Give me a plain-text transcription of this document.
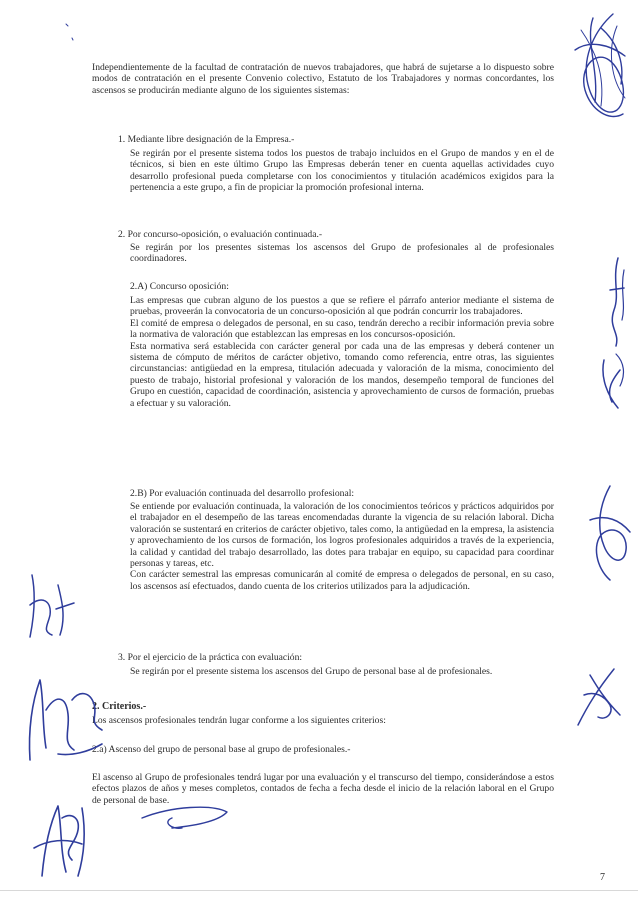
Independientemente de la facultad de contratación de nuevos trabajadores, que habrá de sujetarse a lo dispuesto sobre modos de contratación en el presente Convenio colectivo, Estatuto de los Trabajadores y normas concordantes, los ascensos se producirán mediante alguno de los siguientes sistemas:
1. Mediante libre designación de la Empresa.-
Se regirán por el presente sistema todos los puestos de trabajo incluidos en el Grupo de mandos y en el de técnicos, si bien en este último Grupo las Empresas deberán tener en cuenta aquellas actividades cuyo desarrollo profesional pueda completarse con los conocimientos y titulación académicos exigidos para la pertenencia a este grupo, a fin de propiciar la promoción profesional interna.
2. Por concurso-oposición, o evaluación continuada.-
Se regirán por los presentes sistemas los ascensos del Grupo de profesionales al de profesionales coordinadores.
2.A) Concurso oposición:

Las empresas que cubran alguno de los puestos a que se refiere el párrafo anterior mediante el sistema de pruebas, proveerán la convocatoria de un concurso-oposición al que podrán concurrir los trabajadores.

El comité de empresa o delegados de personal, en su caso, tendrán derecho a recibir información previa sobre la normativa de valoración que establezcan las empresas en los concursos-oposición.

Esta normativa será establecida con carácter general por cada una de las empresas y deberá contener un sistema de cómputo de méritos de carácter objetivo, tomando como referencia, entre otras, las siguientes circunstancias: antigüedad en la empresa, titulación adecuada y valoración de la misma, conocimiento del puesto de trabajo, historial profesional y valoración de los mandos, desempeño temporal de funciones del Grupo en cuestión, capacidad de coordinación, asistencia y aprovechamiento de cursos de formación, pruebas a efectuar y su valoración.

2.B) Por evaluación continuada del desarrollo profesional:

Se entiende por evaluación continuada, la valoración de los conocimientos teóricos y prácticos adquiridos por el trabajador en el desempeño de las tareas encomendadas durante la vigencia de su relación laboral. Dicha valoración se sustentará en criterios de carácter objetivo, tales como, la antigüedad en la empresa, la asistencia y aprovechamiento de los cursos de formación, los logros profesionales adquiridos a través de la experiencia, la calidad y cantidad del trabajo desarrollado, las dotes para trabajar en equipo, su capacidad para coordinar personas y tareas, etc.

Con carácter semestral las empresas comunicarán al comité de empresa o delegados de personal, en su caso, los ascensos así efectuados, dando cuenta de los criterios utilizados para la adjudicación.

3. Por el ejercicio de la práctica con evaluación:
Se regirán por el presente sistema los ascensos del Grupo de personal base al de profesionales.
2. Criterios.-
Los ascensos profesionales tendrán lugar conforme a los siguientes criterios:
2.a) Ascenso del grupo de personal base al grupo de profesionales.-
El ascenso al Grupo de profesionales tendrá lugar por una evaluación y el transcurso del tiempo, considerándose a estos efectos plazos de años y meses completos, contados de fecha a fecha desde el inicio de la relación laboral en el Grupo de personal de base.
7
